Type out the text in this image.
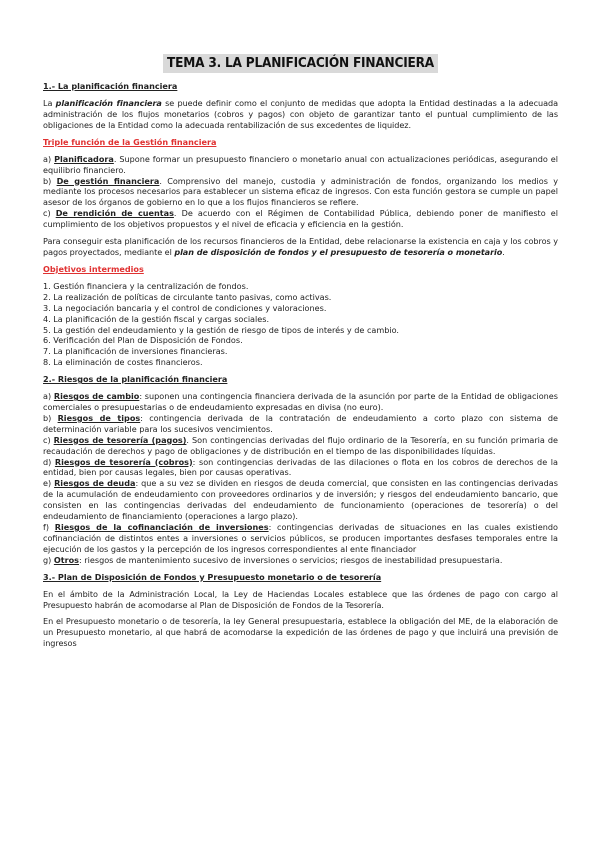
TEMA 3. LA PLANIFICACIÓN FINANCIERA
1.- La planificación financiera

La planificación financiera se puede definir como el conjunto de medidas que adopta la Entidad destinadas a la adecuada administración de los flujos monetarios (cobros y pagos) con objeto de garantizar tanto el puntual cumplimiento de las obligaciones de la Entidad como la adecuada rentabilización de sus excedentes de liquidez.

Triple función de la Gestión financiera
a) Planificadora. Supone formar un presupuesto financiero o monetario anual con actualizaciones periódicas, asegurando el equilibrio financiero.
b) De gestión financiera. Comprensivo del manejo, custodia y administración de fondos, organizando los medios y mediante los procesos necesarios para establecer un sistema eficaz de ingresos. Con esta función gestora se cumple un papel asesor de los órganos de gobierno en lo que a los flujos financieros se refiere.
c) De rendición de cuentas. De acuerdo con el Régimen de Contabilidad Pública, debiendo poner de manifiesto el cumplimiento de los objetivos propuestos y el nivel de eficacia y eficiencia en la gestión.

Para conseguir esta planificación de los recursos financieros de la Entidad, debe relacionarse la existencia en caja y los cobros y pagos proyectados, mediante el plan de disposición de fondos y el presupuesto de tesorería o monetario.

Objetivos intermedios
1. Gestión financiera y la centralización de fondos.
2. La realización de políticas de circulante tanto pasivas, como activas.
3. La negociación bancaria y el control de condiciones y valoraciones.
4. La planificación de la gestión fiscal y cargas sociales.
5. La gestión del endeudamiento y la gestión de riesgo de tipos de interés y de cambio.
6. Verificación del Plan de Disposición de Fondos.
7. La planificación de inversiones financieras.
8. La eliminación de costes financieros.
2.- Riesgos de la planificación financiera
a) Riesgos de cambio: suponen una contingencia financiera derivada de la asunción por parte de la Entidad de obligaciones comerciales o presupuestarias o de endeudamiento expresadas en divisa (no euro).
b) Riesgos de tipos: contingencia derivada de la contratación de endeudamiento a corto plazo con sistema de determinación variable para los sucesivos vencimientos.
c) Riesgos de tesorería (pagos). Son contingencias derivadas del flujo ordinario de la Tesorería, en su función primaria de recaudación de derechos y pago de obligaciones y de distribución en el tiempo de las disponibilidades líquidas.
d) Riesgos de tesorería (cobros): son contingencias derivadas de las dilaciones o flota en los cobros de derechos de la entidad, bien por causas legales, bien por causas operativas.
e) Riesgos de deuda: que a su vez se dividen en riesgos de deuda comercial, que consisten en las contingencias derivadas de la acumulación de endeudamiento con proveedores ordinarios y de inversión; y riesgos del endeudamiento bancario, que consisten en las contingencias derivadas del endeudamiento de funcionamiento (operaciones de tesorería) o del endeudamiento de financiamiento (operaciones a largo plazo).
f) Riesgos de la cofinanciación de inversiones: contingencias derivadas de situaciones en las cuales existiendo cofinanciación de distintos entes a inversiones o servicios públicos, se producen importantes desfases temporales entre la ejecución de los gastos y la percepción de los ingresos correspondientes al ente financiador
g) Otros: riesgos de mantenimiento sucesivo de inversiones o servicios; riesgos de inestabilidad presupuestaria.
3.- Plan de Disposición de Fondos y Presupuesto monetario o de tesorería

En el ámbito de la Administración Local, la Ley de Haciendas Locales establece que las órdenes de pago con cargo al Presupuesto habrán de acomodarse al Plan de Disposición de Fondos de la Tesorería.

En el Presupuesto monetario o de tesorería, la ley General presupuestaria, establece la obligación del ME, de la elaboración de un Presupuesto monetario, al que habrá de acomodarse la expedición de las órdenes de pago y que incluirá una previsión de ingresos
